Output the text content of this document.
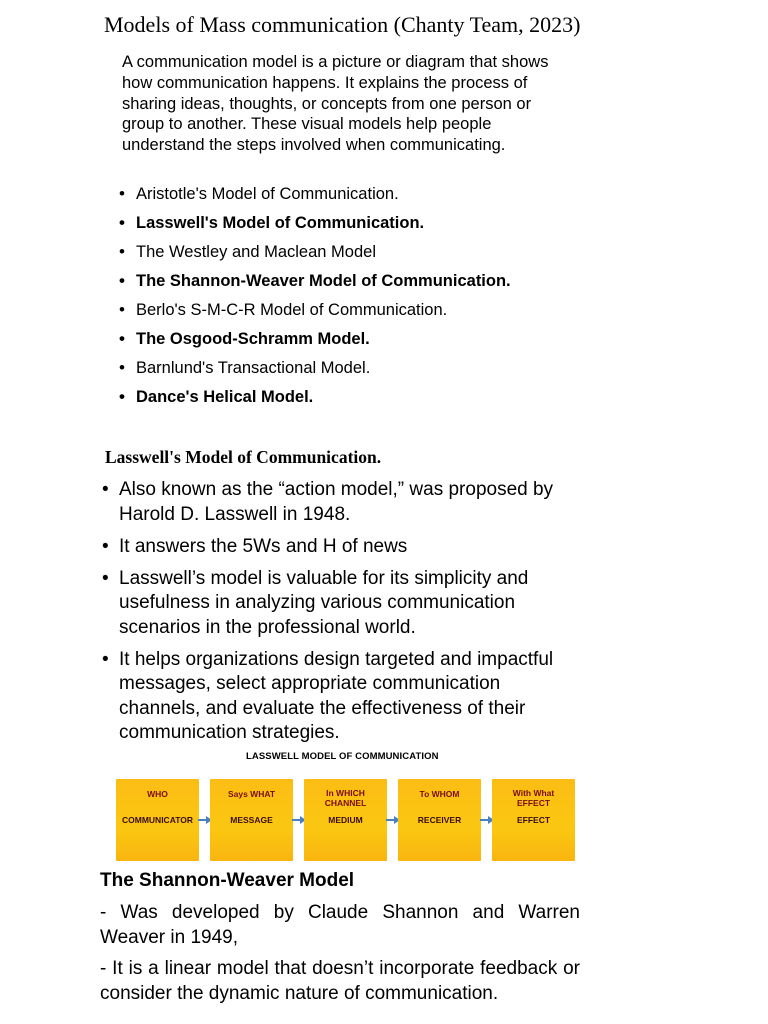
Models of Mass communication (Chanty Team, 2023)

A communication model is a picture or diagram that shows how communication happens. It explains the process of sharing ideas, thoughts, or concepts from one person or group to another. These visual models help people understand the steps involved when communicating.

• Aristotle's Model of Communication.
• Lasswell's Model of Communication.
• The Westley and Maclean Model
• The Shannon-Weaver Model of Communication.
• Berlo's S-M-C-R Model of Communication.
• The Osgood-Schramm Model.
• Barnlund's Transactional Model.
• Dance's Helical Model.
Lasswell's Model of Communication.
• Also known as the “action model,” was proposed by Harold D. Lasswell in 1948.
• It answers the 5Ws and H of news
• Lasswell’s model is valuable for its simplicity and usefulness in analyzing various communication scenarios in the professional world.
• It helps organizations design targeted and impactful messages, select appropriate communication channels, and evaluate the effectiveness of their communication strategies.
LASSWELL MODEL OF COMMUNICATION
WHO
COMMUNICATOR
Says WHAT
MESSAGE
In WHICH CHANNEL
MEDIUM
To WHOM
RECEIVER
With What EFFECT
EFFECT
The Shannon-Weaver Model

- Was developed by Claude Shannon and Warren Weaver in 1949,

- It is a linear model that doesn’t incorporate feedback or consider the dynamic nature of communication.
